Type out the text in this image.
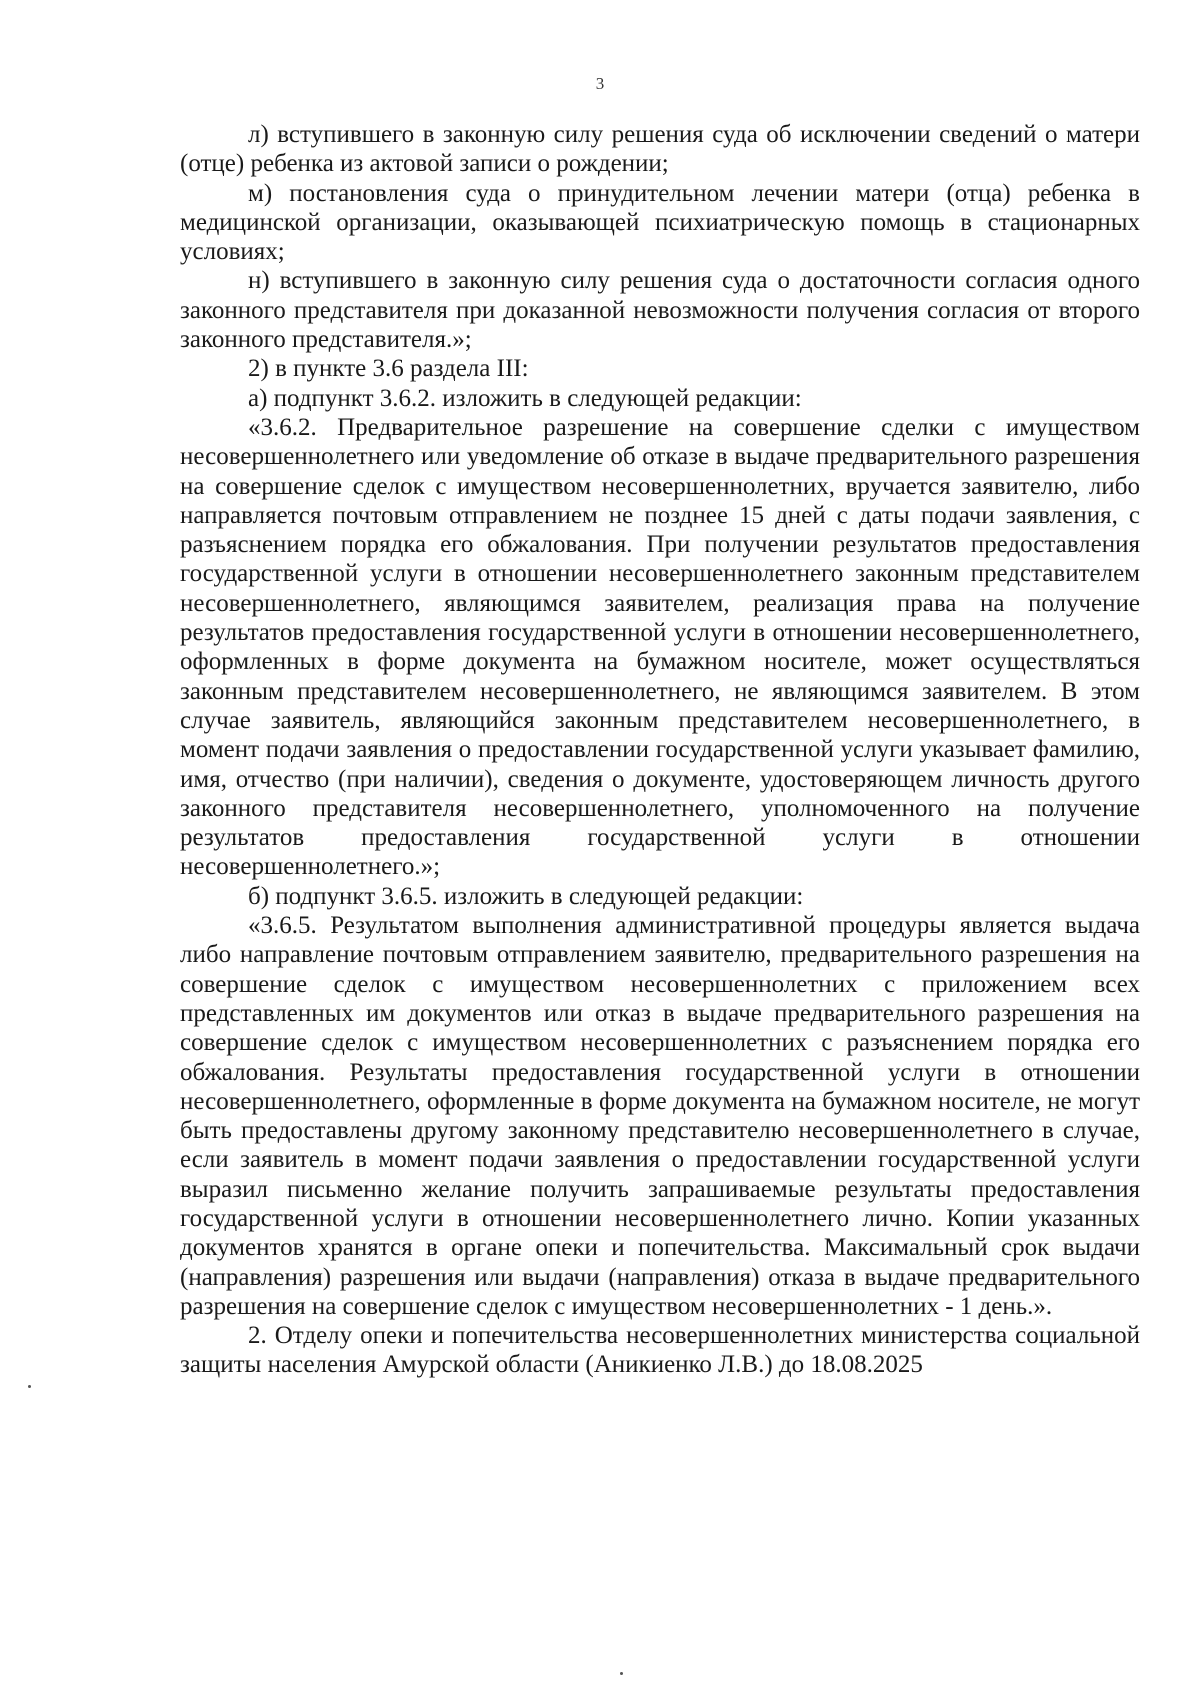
3

л) вступившего в законную силу решения суда об исключении сведений о матери (отце) ребенка из актовой записи о рождении;

м) постановления суда о принудительном лечении матери (отца) ребенка в медицинской организации, оказывающей психиатрическую помощь в стационарных условиях;

н) вступившего в законную силу решения суда о достаточности согласия одного законного представителя при доказанной невозможности получения согласия от второго законного представителя.»;

2) в пункте 3.6 раздела III:

а) подпункт 3.6.2. изложить в следующей редакции:

«3.6.2. Предварительное разрешение на совершение сделки с имуществом несовершеннолетнего или уведомление об отказе в выдаче предварительного разрешения на совершение сделок с имуществом несовершеннолетних, вручается заявителю, либо направляется почтовым отправлением не позднее 15 дней с даты подачи заявления, с разъяснением порядка его обжалования. При получении результатов предоставления государственной услуги в отношении несовершеннолетнего законным представителем несовершеннолетнего, являющимся заявителем, реализация права на получение результатов предоставления государственной услуги в отношении несовершеннолетнего, оформленных в форме документа на бумажном носителе, может осуществляться законным представителем несовершеннолетнего, не являющимся заявителем. В этом случае заявитель, являющийся законным представителем несовершеннолетнего, в момент подачи заявления о предоставлении государственной услуги указывает фамилию, имя, отчество (при наличии), сведения о документе, удостоверяющем личность другого законного представителя несовершеннолетнего, уполномоченного на получение результатов предоставления государственной услуги в отношении несовершеннолетнего.»;

б) подпункт 3.6.5. изложить в следующей редакции:

«3.6.5. Результатом выполнения административной процедуры является выдача либо направление почтовым отправлением заявителю, предварительного разрешения на совершение сделок с имуществом несовершеннолетних с приложением всех представленных им документов или отказ в выдаче предварительного разрешения на совершение сделок с имуществом несовершеннолетних с разъяснением порядка его обжалования. Результаты предоставления государственной услуги в отношении несовершеннолетнего, оформленные в форме документа на бумажном носителе, не могут быть предоставлены другому законному представителю несовершеннолетнего в случае, если заявитель в момент подачи заявления о предоставлении государственной услуги выразил письменно желание получить запрашиваемые результаты предоставления государственной услуги в отношении несовершеннолетнего лично. Копии указанных документов хранятся в органе опеки и попечительства. Максимальный срок выдачи (направления) разрешения или выдачи (направления) отказа в выдаче предварительного разрешения на совершение сделок с имуществом несовершеннолетних - 1 день.».

2. Отделу опеки и попечительства несовершеннолетних министерства социальной защиты населения Амурской области (Аникиенко Л.В.) до 18.08.2025
